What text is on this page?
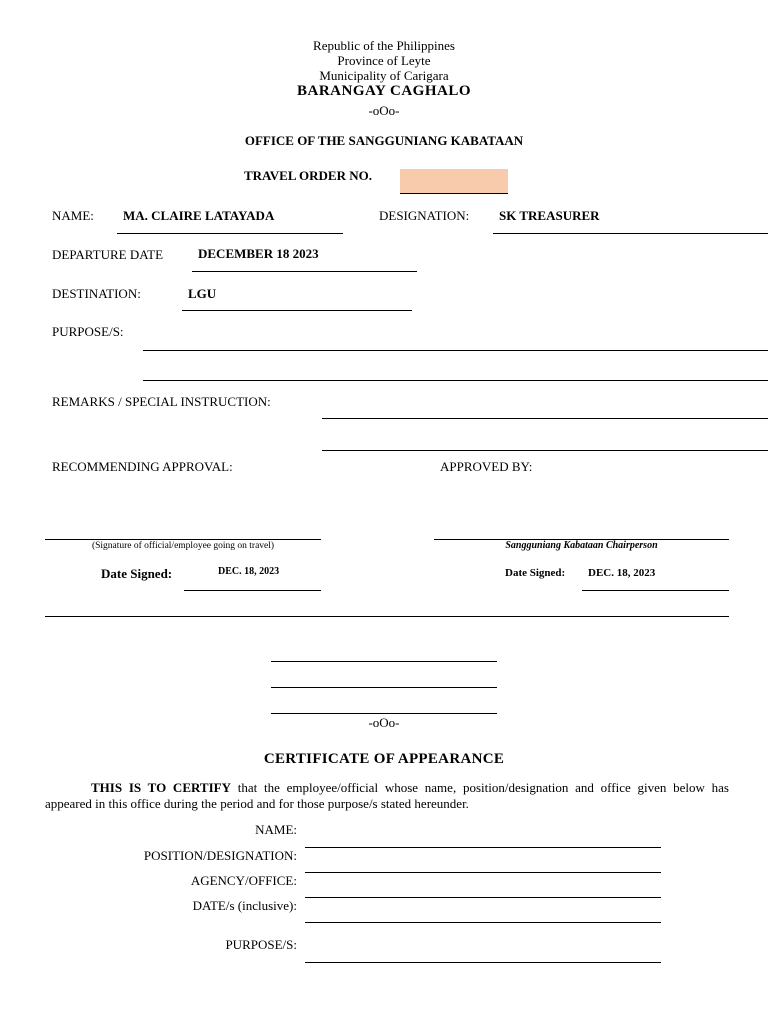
Republic of the Philippines
Province of Leyte
Municipality of Carigara
BARANGAY CAGHALO
-oOo-
OFFICE OF THE SANGGUNIANG KABATAAN
TRAVEL ORDER NO.
NAME: MA. CLAIRE LATAYADA	DESIGNATION: SK TREASURER
DEPARTURE DATE	DECEMBER 18 2023
DESTINATION:	LGU
PURPOSE/S:
REMARKS / SPECIAL INSTRUCTION:
RECOMMENDING APPROVAL:	APPROVED BY:
(Signature of official/employee going on travel)	Sangguniang Kabataan Chairperson
Date Signed:	DEC. 18, 2023	Date Signed: DEC. 18, 2023
-oOo-
CERTIFICATE OF APPEARANCE
THIS IS TO CERTIFY that the employee/official whose name, position/designation and office given below has appeared in this office during the period and for those purpose/s stated hereunder.
NAME:
POSITION/DESIGNATION:
AGENCY/OFFICE:
DATE/s (inclusive):
PURPOSE/S:
